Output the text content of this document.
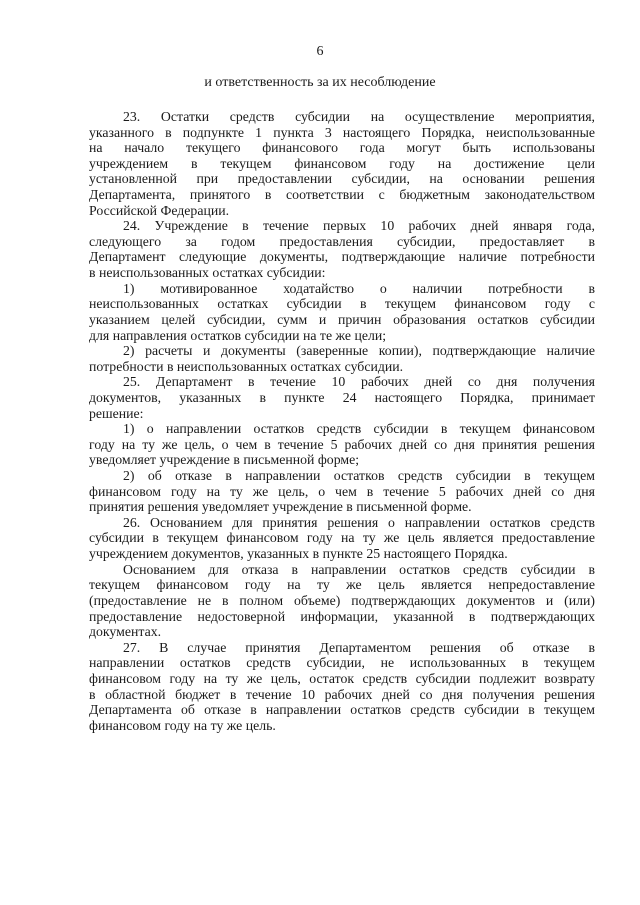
6
и ответственность за их несоблюдение
23. Остатки средств субсидии на осуществление мероприятия,
указанного в подпункте 1 пункта 3 настоящего Порядка, неиспользованные
на начало текущего финансового года могут быть использованы
учреждением в текущем финансовом году на достижение цели
установленной при предоставлении субсидии, на основании решения
Департамента, принятого в соответствии с бюджетным законодательством
Российской Федерации.
24. Учреждение в течение первых 10 рабочих дней января года,
следующего за годом предоставления субсидии, предоставляет в
Департамент следующие документы, подтверждающие наличие потребности
в неиспользованных остатках субсидии:
1) мотивированное ходатайство о наличии потребности в
неиспользованных остатках субсидии в текущем финансовом году с
указанием целей субсидии, сумм и причин образования остатков субсидии
для направления остатков субсидии на те же цели;
2) расчеты и документы (заверенные копии), подтверждающие наличие
потребности в неиспользованных остатках субсидии.
25. Департамент в течение 10 рабочих дней со дня получения
документов, указанных в пункте 24 настоящего Порядка, принимает
решение:
1) о направлении остатков средств субсидии в текущем финансовом
году на ту же цель, о чем в течение 5 рабочих дней со дня принятия решения
уведомляет учреждение в письменной форме;
2) об отказе в направлении остатков средств субсидии в текущем
финансовом году на ту же цель, о чем в течение 5 рабочих дней со дня
принятия решения уведомляет учреждение в письменной форме.
26. Основанием для принятия решения о направлении остатков средств
субсидии в текущем финансовом году на ту же цель является предоставление
учреждением документов, указанных в пункте 25 настоящего Порядка.
Основанием для отказа в направлении остатков средств субсидии в
текущем финансовом году на ту же цель является непредоставление
(предоставление не в полном объеме) подтверждающих документов и (или)
предоставление недостоверной информации, указанной в подтверждающих
документах.
27. В случае принятия Департаментом решения об отказе в
направлении остатков средств субсидии, не использованных в текущем
финансовом году на ту же цель, остаток средств субсидии подлежит возврату
в областной бюджет в течение 10 рабочих дней со дня получения решения
Департамента об отказе в направлении остатков средств субсидии в текущем
финансовом году на ту же цель.
